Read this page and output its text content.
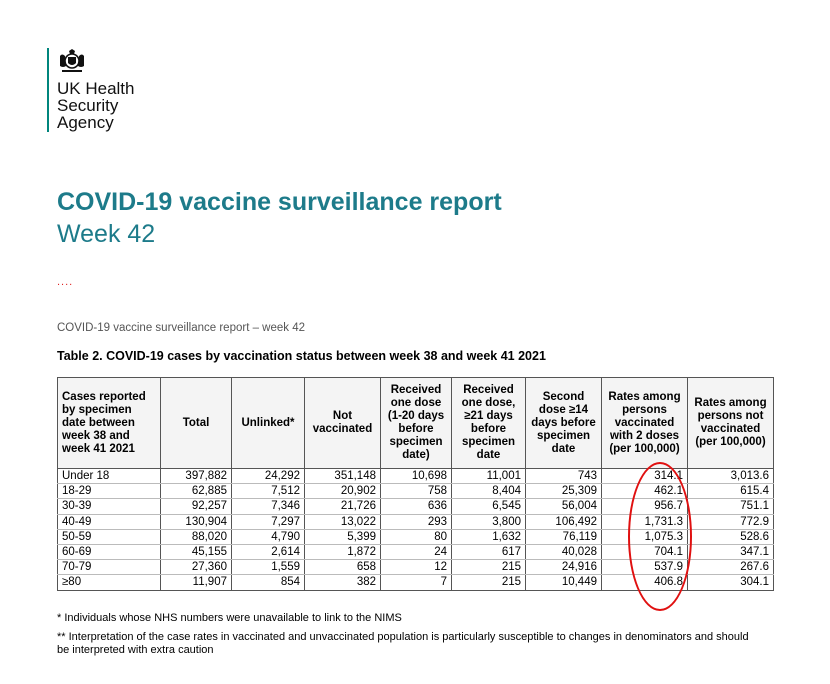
UK Health
Security
Agency
COVID-19 vaccine surveillance report
Week 42
....
COVID-19 vaccine surveillance report – week 42
Table 2. COVID-19 cases by vaccination status between week 38 and week 41 2021
Cases reported by specimen date between week 38 and week 41 2021	Total	Unlinked*	Not vaccinated	Received one dose (1-20 days before specimen date)	Received one dose, ≥21 days before specimen date	Second dose ≥14 days before specimen date	Rates among persons vaccinated with 2 doses (per 100,000)	Rates among persons not vaccinated (per 100,000)
Under 18	397,882	24,292	351,148	10,698	11,001	743	314.1	3,013.6
18-29	62,885	7,512	20,902	758	8,404	25,309	462.1	615.4
30-39	92,257	7,346	21,726	636	6,545	56,004	956.7	751.1
40-49	130,904	7,297	13,022	293	3,800	106,492	1,731.3	772.9
50-59	88,020	4,790	5,399	80	1,632	76,119	1,075.3	528.6
60-69	45,155	2,614	1,872	24	617	40,028	704.1	347.1
70-79	27,360	1,559	658	12	215	24,916	537.9	267.6
≥80	11,907	854	382	7	215	10,449	406.8	304.1
* Individuals whose NHS numbers were unavailable to link to the NIMS
** Interpretation of the case rates in vaccinated and unvaccinated population is particularly susceptible to changes in denominators and should be interpreted with extra caution
